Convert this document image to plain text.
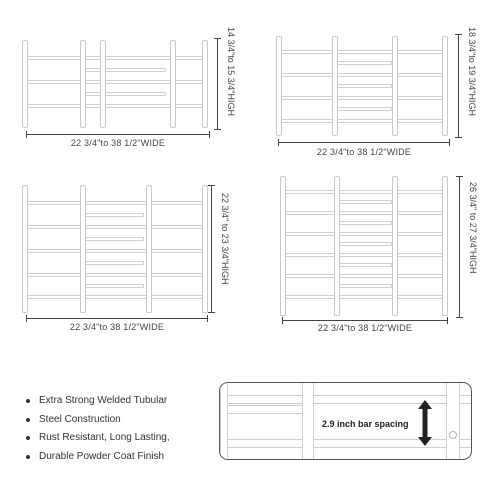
14 3/4"to 15 3/4"HIGH
22 3/4"to 38 1/2"WIDE
18 3/4"to 19 3/4"HIGH
22 3/4"to 38 1/2"WIDE
22 3/4" to 23 3/4"HIGH
22 3/4"to 38 1/2"WIDE
26 3/4" to 27 3/4"HIGH
22 3/4"to 38 1/2"WIDE
Extra Strong Welded Tubular
Steel Construction
Rust Resistant, Long Lasting,
Durable Powder Coat Finish
2.9 inch bar spacing
